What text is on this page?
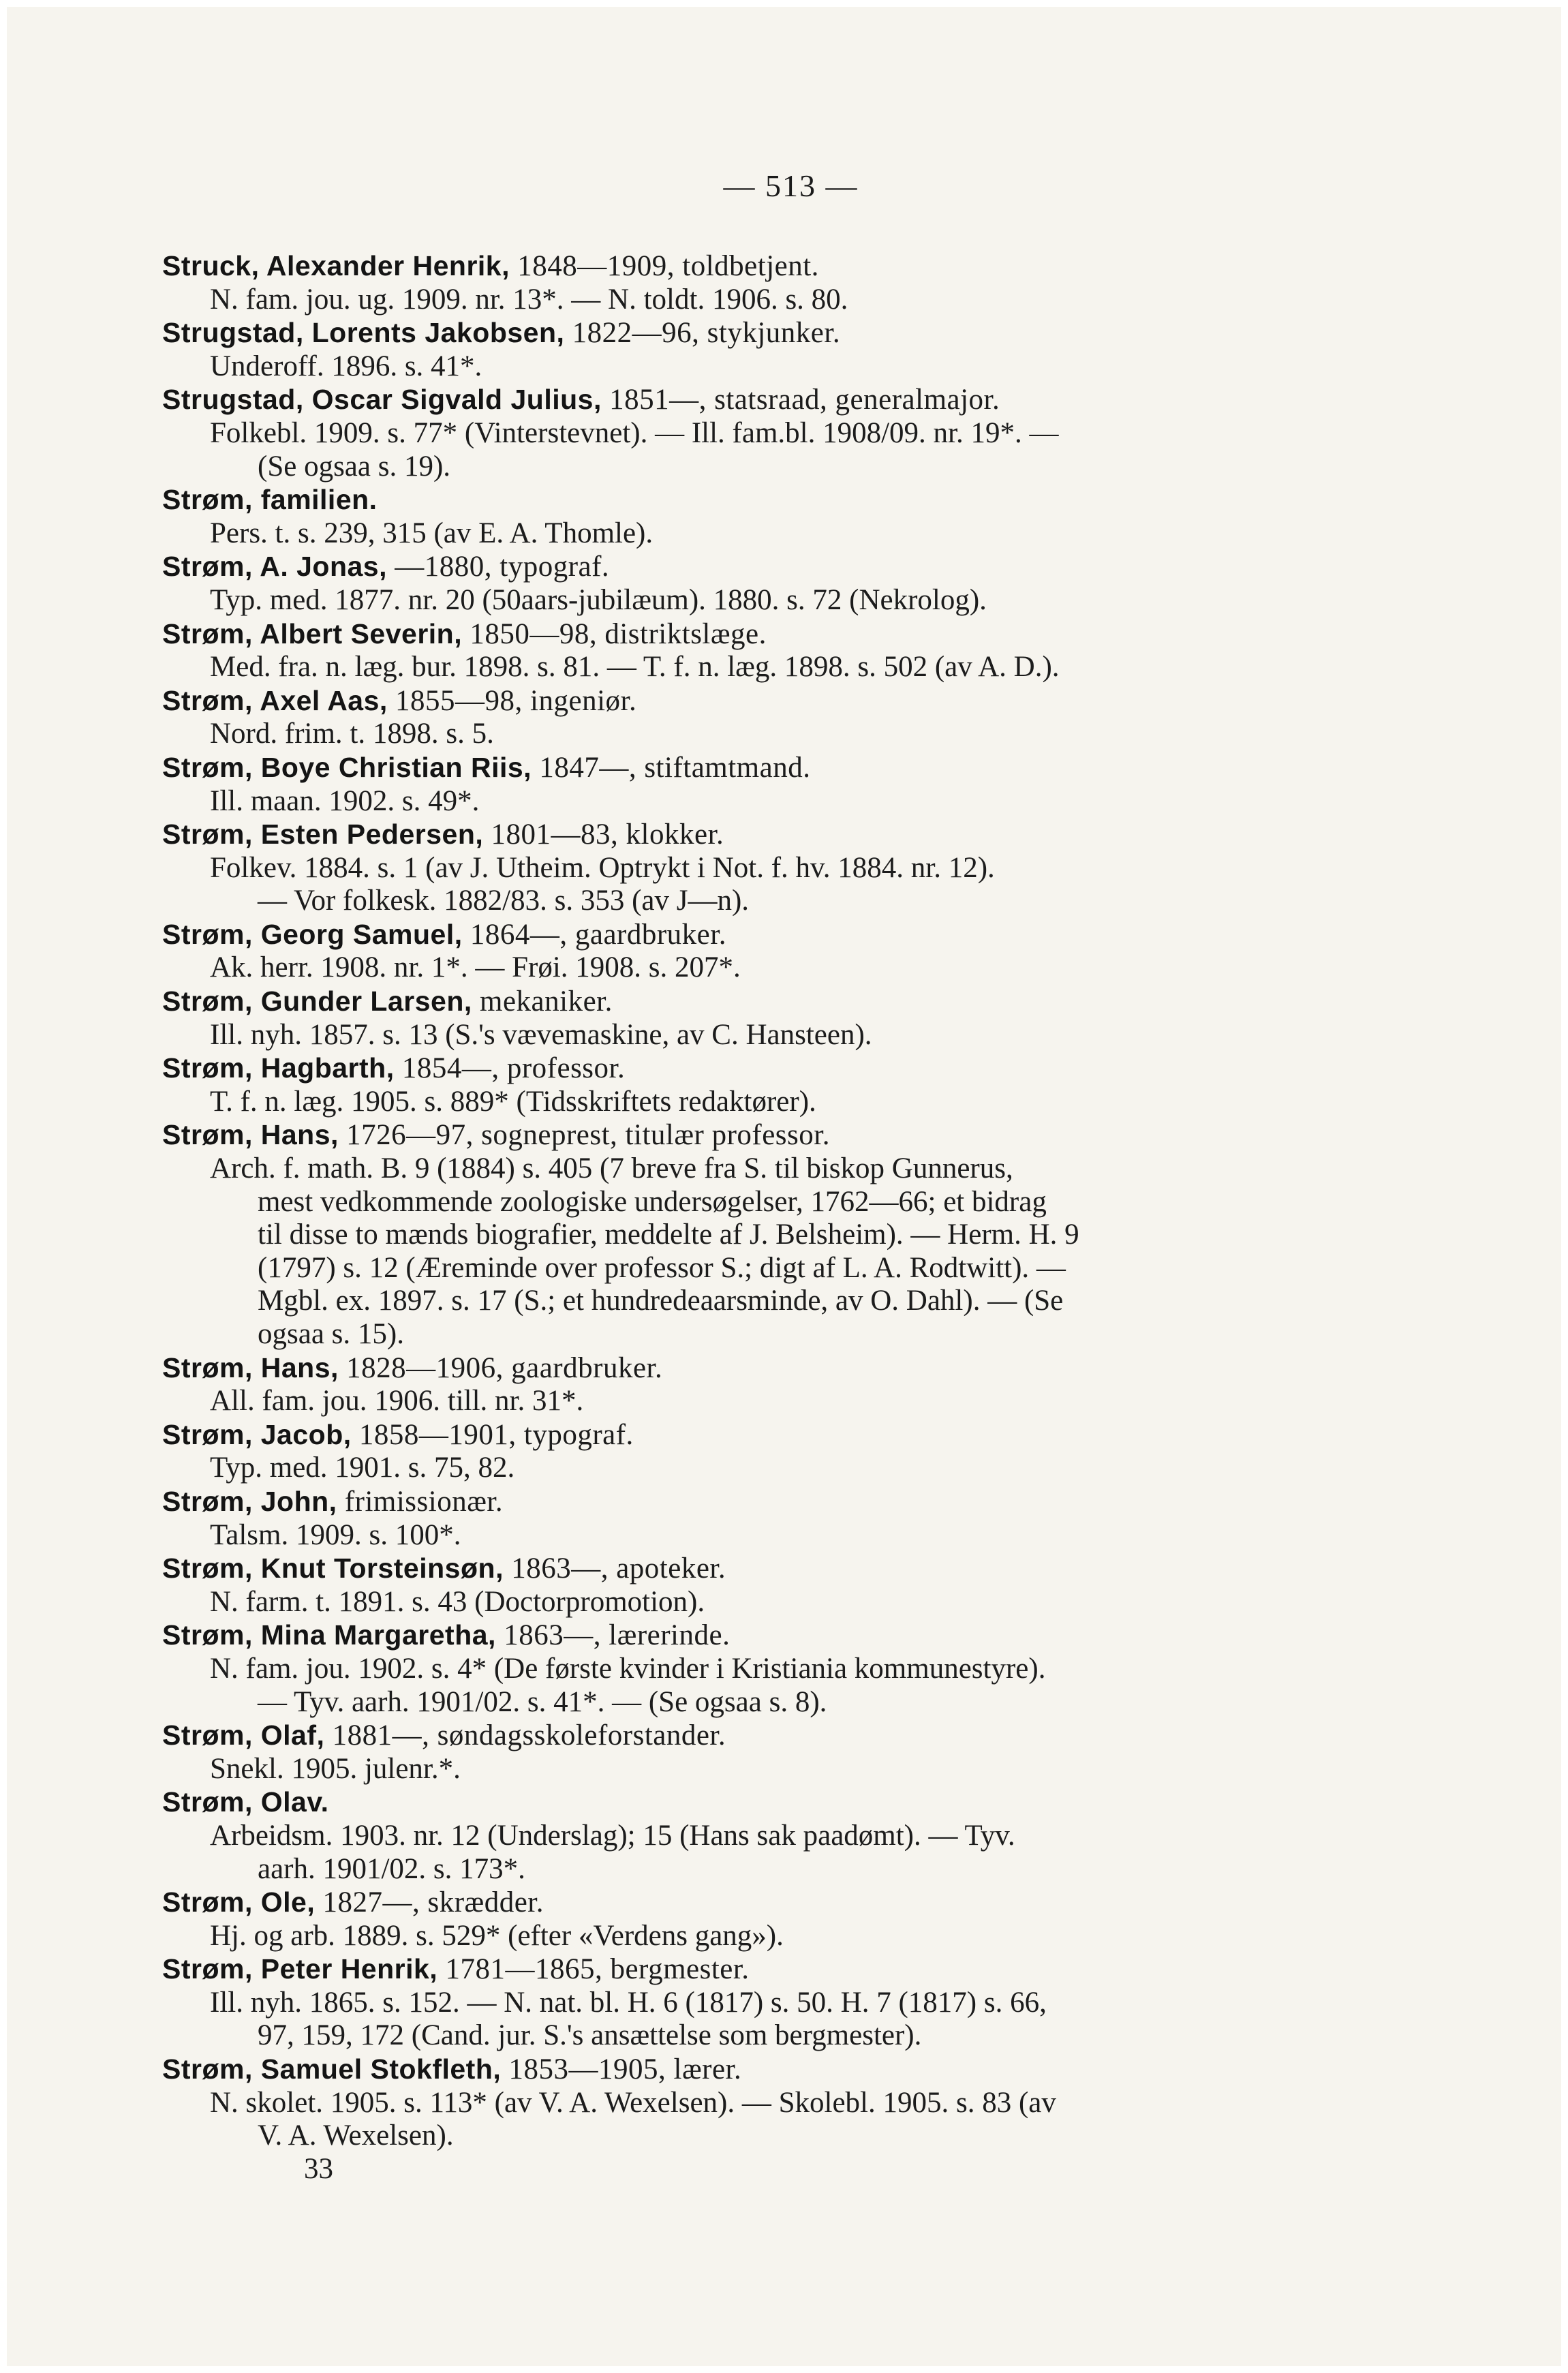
— 513 —
Struck, Alexander Henrik, 1848—1909, toldbetjent.
N. fam. jou. ug. 1909. nr. 13*. — N. toldt. 1906. s. 80.
Strugstad, Lorents Jakobsen, 1822—96, stykjunker.
Underoff. 1896. s. 41*.
Strugstad, Oscar Sigvald Julius, 1851—, statsraad, generalmajor.
Folkebl. 1909. s. 77* (Vinterstevnet). — Ill. fam.bl. 1908/09. nr. 19*. —
(Se ogsaa s. 19).
Strøm, familien.
Pers. t. s. 239, 315 (av E. A. Thomle).
Strøm, A. Jonas, —1880, typograf.
Typ. med. 1877. nr. 20 (50aars-jubilæum). 1880. s. 72 (Nekrolog).
Strøm, Albert Severin, 1850—98, distriktslæge.
Med. fra. n. læg. bur. 1898. s. 81. — T. f. n. læg. 1898. s. 502 (av A. D.).
Strøm, Axel Aas, 1855—98, ingeniør.
Nord. frim. t. 1898. s. 5.
Strøm, Boye Christian Riis, 1847—, stiftamtmand.
Ill. maan. 1902. s. 49*.
Strøm, Esten Pedersen, 1801—83, klokker.
Folkev. 1884. s. 1 (av J. Utheim. Optrykt i Not. f. hv. 1884. nr. 12).
— Vor folkesk. 1882/83. s. 353 (av J—n).
Strøm, Georg Samuel, 1864—, gaardbruker.
Ak. herr. 1908. nr. 1*. — Frøi. 1908. s. 207*.
Strøm, Gunder Larsen, mekaniker.
Ill. nyh. 1857. s. 13 (S.'s vævemaskine, av C. Hansteen).
Strøm, Hagbarth, 1854—, professor.
T. f. n. læg. 1905. s. 889* (Tidsskriftets redaktører).
Strøm, Hans, 1726—97, sogneprest, titulær professor.
Arch. f. math. B. 9 (1884) s. 405 (7 breve fra S. til biskop Gunnerus,
mest vedkommende zoologiske undersøgelser, 1762—66; et bidrag
til disse to mænds biografier, meddelte af J. Belsheim). — Herm. H. 9
(1797) s. 12 (Æreminde over professor S.; digt af L. A. Rodtwitt). —
Mgbl. ex. 1897. s. 17 (S.; et hundredeaarsminde, av O. Dahl). — (Se
ogsaa s. 15).
Strøm, Hans, 1828—1906, gaardbruker.
All. fam. jou. 1906. till. nr. 31*.
Strøm, Jacob, 1858—1901, typograf.
Typ. med. 1901. s. 75, 82.
Strøm, John, frimissionær.
Talsm. 1909. s. 100*.
Strøm, Knut Torsteinsøn, 1863—, apoteker.
N. farm. t. 1891. s. 43 (Doctorpromotion).
Strøm, Mina Margaretha, 1863—, lærerinde.
N. fam. jou. 1902. s. 4* (De første kvinder i Kristiania kommunestyre).
— Tyv. aarh. 1901/02. s. 41*. — (Se ogsaa s. 8).
Strøm, Olaf, 1881—, søndagsskoleforstander.
Snekl. 1905. julenr.*.
Strøm, Olav.
Arbeidsm. 1903. nr. 12 (Underslag); 15 (Hans sak paadømt). — Tyv.
aarh. 1901/02. s. 173*.
Strøm, Ole, 1827—, skrædder.
Hj. og arb. 1889. s. 529* (efter «Verdens gang»).
Strøm, Peter Henrik, 1781—1865, bergmester.
Ill. nyh. 1865. s. 152. — N. nat. bl. H. 6 (1817) s. 50. H. 7 (1817) s. 66,
97, 159, 172 (Cand. jur. S.'s ansættelse som bergmester).
Strøm, Samuel Stokfleth, 1853—1905, lærer.
N. skolet. 1905. s. 113* (av V. A. Wexelsen). — Skolebl. 1905. s. 83 (av
V. A. Wexelsen).
33
